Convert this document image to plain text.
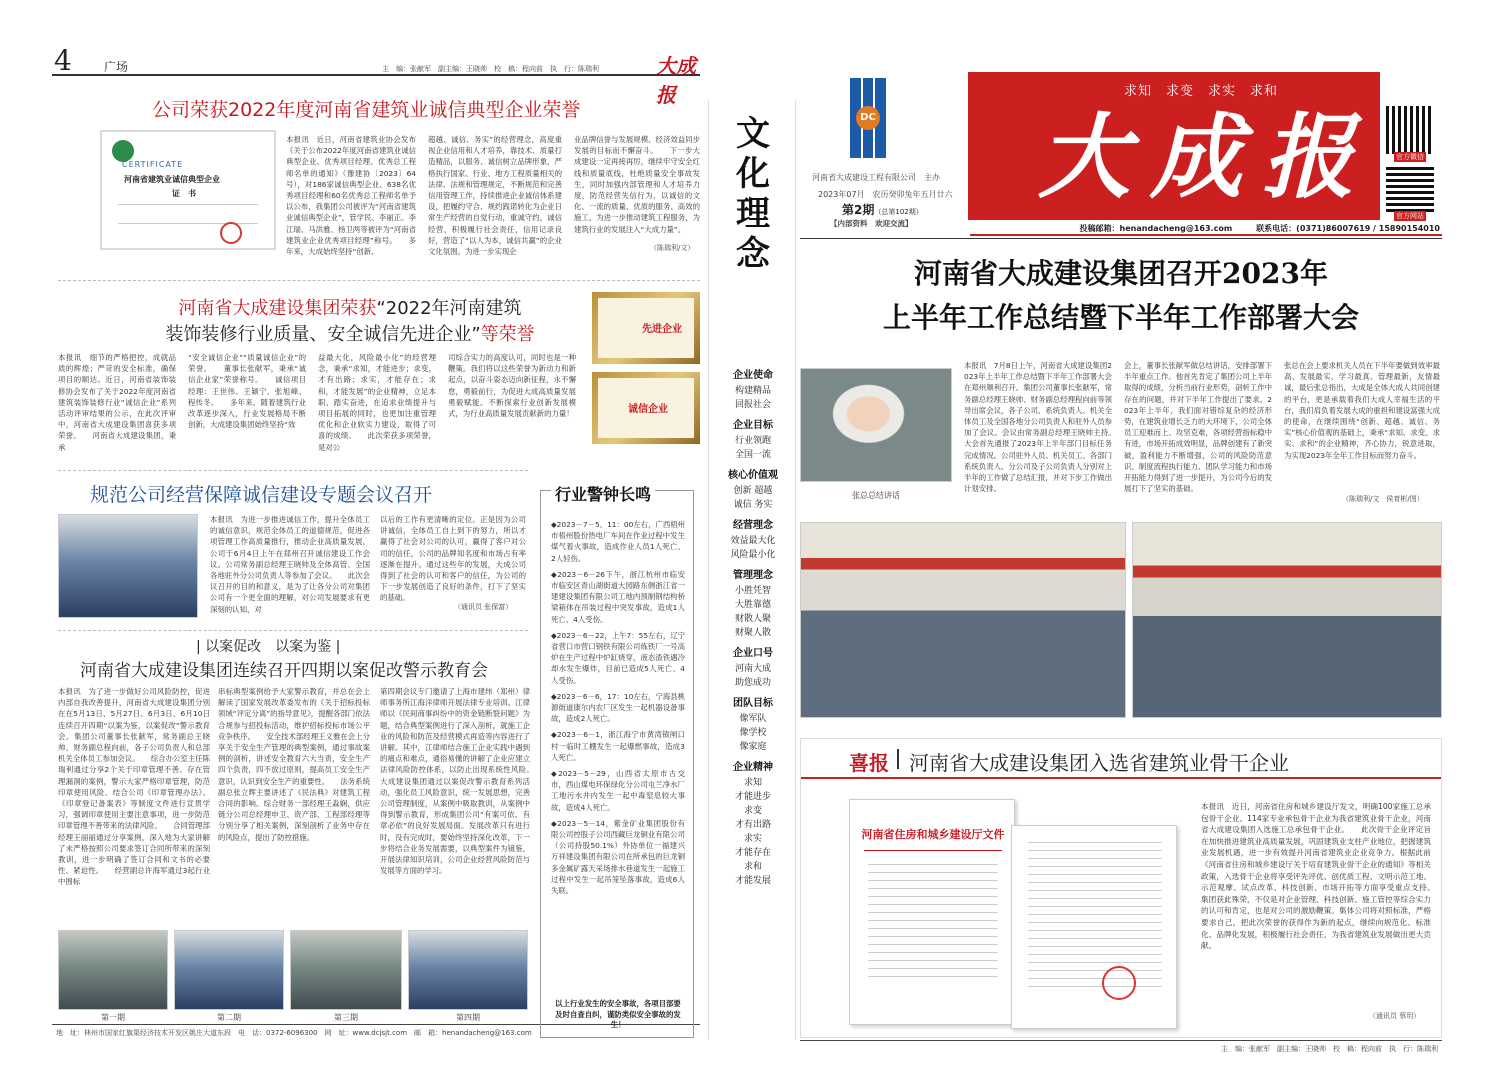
4	广场	主　编：张献军　副主编：王晓帅　校　稿：程向前　执　行：陈瑞利	大成报
公司荣获2022年度河南省建筑业诚信典型企业荣誉
CERTIFICATE
河南省建筑业诚信典型企业
证　书
本报讯　近日，河南省建筑业协会发布《关于公布2022年度河南省建筑业诚信典型企业、优秀项目经理、优秀总工程师名单的通知》（豫建协〔2023〕64号），对186家诚信典型企业、638名优秀项目经理和60名优秀总工程师名单予以公布，我集团公司被评为“河南省建筑业诚信典型企业”，管学民、李丽正、李江瑞、马洪雅、杨卫两等被评为“河南省建筑业企业优秀项目经理”称号。　　多年来，大成始终坚持“创新、
超越、诚信、务实”的经营理念，高度重视企业信用和人才培养，靠技术、质量打造精品，以服务、诚信树立品牌形象，严格执行国家、行业、地方工程质量相关的法律、法规和管理规定，不断规范和完善信用管理工作，持续推进企业诚信体系建设，把履约守合、规约践诺转化为企业日常生产经营的自觉行动，重诚守约，诚信经营，积极履行社会责任，信用记录良好，营造了“以人为本，诚信共赢”的企业文化氛围。为进一步实现企
业品牌信誉与发展规模、经济效益同步发展的目标而不懈奋斗。　　下一步大成建设一定再接再厉，继续牢守安全红线和质量底线，杜绝质量安全事故发生，同时加强内部管理和人才培养力度，防范经营失信行为，以诚信的文化、一流的质量、优质的服务、高效的施工，为进一步推动建筑工程服务，为建筑行业的发展注入“大成力量”。
（陈瑞利/文）
河南省大成建设集团荣获“2022年河南建筑
装饰装修行业质量、安全诚信先进企业”等荣誉	先进企业
诚信企业
本报讯　细节的严格把控，成就品质的辉煌；严苛的安全标准，确保项目的顺达。近日，河南省装饰装修协会发布了关于2022年度河南省建筑装饰装修行业“诚信企业”系列活动评审结果的公示，在此次评审中，河南省大成建设集团喜获多项荣誉。　　河南省大成建设集团，秉承
“安全诚信企业”“质量诚信企业”的荣誉。　　董事长张献军，秉承“诚信企业家”荣誉称号。　　诚信项目经理：王世伟、王颖宁、张旭峰、程传冬。　　多年来，随着建筑行业改革逐步深入，行业发展格局不断创新，大成建设集团始终坚持“效
益最大化，风险最小化”的经营理念，秉承“求知，才能进步；求变，才有出路；求实，才能存在；求和，才能发展”的企业精神，立足本职、踏实奋进，在追求业绩提升与项目拓展的同时，也更加注重管理优化和企业软实力建设，取得了可喜的成绩。　　此次荣获多项荣誉，是对公
司综合实力的高度认可，同时也是一种鞭策。我们将以这些荣誉为新动力和新起点，以奋斗姿态迈向新征程，永不懈怠，勇毅前行，为促进大成高质量发展勇毅赋能。不断探索行业创新发展模式，为行业高质量发展贡献新的力量！
规范公司经营保障诚信建设专题会议召开
本报讯　为进一步推进诚信工作，提升全体员工的诚信意识，规范全体员工的道德规范，促进各项管理工作高质量推行，推动企业高质量发展，公司于6月4日上午在郑州召开诚信建设工作会议。公司常务副总经理王晓帅及全体高管、全国各地驻外分公司负责人等参加了会议。　　此次会议召开的目的和意义，是为了让各分公司对集团公司有一个更全面的理解，对公司发展要求有更深刻的认知，对
以后的工作有更清晰的定位。正是因为公司讲诚信，全体员工自上到下的努力，所以才赢得了社会对公司的认可，赢得了客户对公司的信任，公司的品牌知名度和市场占有率逐渐在提升。通过这些年的发展，大成公司得到了社会的认可和客户的信任，为公司的下一步发展创造了良好的条件，打下了坚实的基础。
（通讯员 张保富）
| 以案促改　以案为鉴 |
河南省大成建设集团连续召开四期以案促改警示教育会
本报讯　为了进一步做好公司风险防控，促进内部自我改善提升，河南省大成建设集团分别在在5月13日、5月27日、6月3日、6月10日连续召开四期“以案为鉴，以案促改”警示教育会。集团公司董事长张献军，常务副总王晓帅、财务副总程向前，各子公司负责人和总部机关全体员工参加会议。　　综合办公室主任陈瑞利通过分享2个关于印章管理不善、存在管理漏洞的案例，警示大家严格印章管理，防范印章使用风险。结合公司《印章管理办法》、《印章登记备案表》等制度文件进行宣贯学习，强调印章使用主要注意事项，进一步防范印章管理不善带来的法律风险。　　合同管理部经理王丽丽通过分享案例，深入地为大家讲解了未严格按照公司要求签订合同所带来的深刻教训，进一步明确了签订合同和文书的必要性、紧迫性。　　经营副总许海军通过3起行业中围标
串标典型案例给予大家警示教育，并总在会上解读了国家发展改革委发布的《关于招标投标领域“评定分离”的指导意见》，提醒各部门依法合规参与招投标活动，维护招标投标市场公平竞争秩序。　　安全技术部经理王义雅在会上分享关于安全生产管理的典型案例，通过事故案例的剖析，讲述安全教育六大当责，安全生产四个负责，四不放过原则，提高员工安全生产意识，认识到安全生产的重要性。　　法务系统副总张立辉主要讲述了《民法典》对建筑工程合同的影响。综合财务一部经理王淼娴，供应链分公司总经理申卫、资产部、工程部经理等分别分享了相关案例，深刻剖析了业务中存在的风险点，提出了防控措施。
第四期会议专门邀请了上海市建纬（郑州）律师事务所江海洋律师开展法律专业培训。江律师以《民间商事纠纷中的资金链断裂问题》为题，结合典型案例进行了深入剖析，就施工企业的风险和防范及经营模式再造等内容进行了讲解。其中，江律师结合施工企业实践中遇到的痛点和难点，通俗易懂的讲解了企业应建立法律风险防控体系，以防止出现系统性风险。　　大成建设集团通过以案促改警示教育系列活动，强化员工风险意识，统一发展思想，完善公司管理制度，从案例中吸取教训，从案例中得到警示教育，形成集团公司“有案可依、有章必依”的良好发展局面。发展改革只有进行时，没有完成时，要始终坚持深化改革，下一步将结合业务发展需要，以典型案件为镜鉴，开展法律知识培训，公司企业经营风险防范与发展等方面的学习。
第一期	第二期	第三期	第四期
地　址：林州市国家红旗渠经济技术开发区姚庄大道东段　电　话：0372-6096300　网　址：www.dcjsjt.com　邮　箱：henandacheng@163.com
文
化
理
念
企业使命
构建精品
回报社会
企业目标
行业领跑
全国一流
核心价值观
创新 超越
诚信 务实
经营理念
效益最大化
风险最小化
管理理念
小胜凭智
大胜靠德
财散人聚
财聚人散
企业口号
河南大成
助您成功
团队目标
像军队
像学校
像家庭
企业精神
求知
才能进步
求变
才有出路
求实
才能存在
求和
才能发展
行业警钟长鸣
◆2023－7－5、11：00左右，广西梧州市梧州股份热电厂车间在作业过程中发生煤气着火事故，造成作业人员1人死亡、2人轻伤。
◆2023－6－26下午，浙江杭州市临安市临安区青山湖街道大园路东侧浙江省一建建设集团有限公司工地内预制钢结构桥梁箱体在吊装过程中突发事故，造成1人死亡、4人受伤。
◆2023－6－22，上午7：55左右，辽宁省营口市营口钢铁有限公司炼铁厂一号高炉在生产过程中炉缸烧穿，液态渣铁遇冷却水发生爆炸，目前已造成5人死亡、4人受伤。
◆2023－6－6，17：10左右，宁海县桃源街道康尔内农厂区发生一起机器设备事故，造成2人死亡。
◆2023－6－1，浙江海宁市黄湾镇闸口村一临时工棚发生一起爆燃事故，造成3人死亡。
◆2023－5－29，山西省太原市古交市，西山煤电环保绿化分公司屯兰净水厂工地污水井内发生一起中毒窒息较大事故，造成4人死亡。
◆2023－5－14，紫金矿业集团股份有限公司控股子公司西藏巨龙铜业有限公司（公司持股50.1%）外协单位一福建兴万祥建设集团有限公司在所承包的巨龙铜多金属矿露天采场排水巷道发生一起施工过程中发生一起吊笼坠落事故，造成6人失联。
以上行业发生的安全事故，各项目部要及时自查自纠，谨防类似安全事故的发生！
DC
河南省大成建设工程有限公司　主办
2023年07月　农历癸卯兔年五月廿六
第2期（总第102期）
【内部资料　欢迎交流】
求知　求变　求实　求和
大成报	官方微信
官方网站
投稿邮箱：henandacheng@163.com　　　联系电话：(0371)86007619 / 15890154010
河南省大成建设集团召开2023年
上半年工作总结暨下半年工作部署大会
张总总结讲话
本报讯　7月8日上午，河南省大成建设集团2023年上半年工作总结暨下半年工作部署大会在郑州顺利召开。集团公司董事长张献军，常务副总经理王晓帅、财务副总经理程向前等领导出席会议，各子公司、系统负责人、机关全体员工及全国各地分公司负责人和驻外人员参加了会议。会议由常务副总经理王晓帅主持。　　大会首先通报了2023年上半年部门目标任务完成情况。公司驻外人员、机关员工、各部门系统负责人、分公司及子公司负责人分别对上半年的工作做了总结汇报，并对下步工作做出计划安排。
会上，董事长张献军做总结讲话，安排部署下半年重点工作。他首先肯定了集团公司上半年取得的成绩，分析当前行业形势，剖析工作中存在的问题，并对下半年工作提出了要求。2023年上半年，我们面对错综复杂的经济形势，在建筑业增长乏力的大环境下，公司全体员工迎难而上、攻坚克难，各项经营指标稳中有进，市场开拓成效明显，品牌创建有了新突破，盈利能力不断增强，公司的风险防范意识、制度流程执行能力、团队学习能力和市场开拓能力得到了进一步提升，为公司今后的发展打下了坚实的基础。
张总在会上要求机关人员在下半年要做到效率最高、发展最实、学习最真、管理最新，友情最诚，最后张总指出，大成是全体大成人共同创建的平台，更是承载着我们大成人幸福生活的平台，我们肩负着发展大成的重担和建设富强大成的使命，在继续围绕“创新、超越、诚信、务实”核心价值观的基础上，秉承“求知、求变、求实、求和”的企业精神，齐心协力，锐意进取，为实现2023年全年工作目标而努力奋斗。
（陈瑞利/文　侯育彬/图）
喜报 河南省大成建设集团入选省建筑业骨干企业
河南省住房和城乡建设厅文件
本报讯　近日，河南省住房和城乡建设厅发文，明确100家施工总承包骨干企业、114家专业承包骨干企业为我省建筑业骨干企业，河南省大成建设集团入选施工总承包骨干企业。　　此次骨干企业评定旨在加快推进建筑业高质量发展，巩固建筑业支柱产业地位，把握建筑业发展机遇，进一步有效提升河南省建筑业企业竞争力。根据此前《河南省住房和城乡建设厅关于培育建筑业骨干企业的通知》等相关政策，入选骨干企业将享受评先评优、创优质工程、文明示范工地、示范观摩、试点改革、科技创新、市场开拓等方面享受重点支持。　　集团获此殊荣，不仅是对企业管理、科技创新、施工管控等综合实力的认可和肯定，也是对公司的激励鞭策。集体公司将对照标准，严格要求自己，把此次荣誉的获得作为新的起点，继续向规范化、标准化、品牌化发展，积极履行社会责任，为我省建筑业发展做出更大贡献。
（通讯员 蔡玥）
主　编：张献军　副主编：王晓帅　校　稿：程向前　执　行：陈瑞利
